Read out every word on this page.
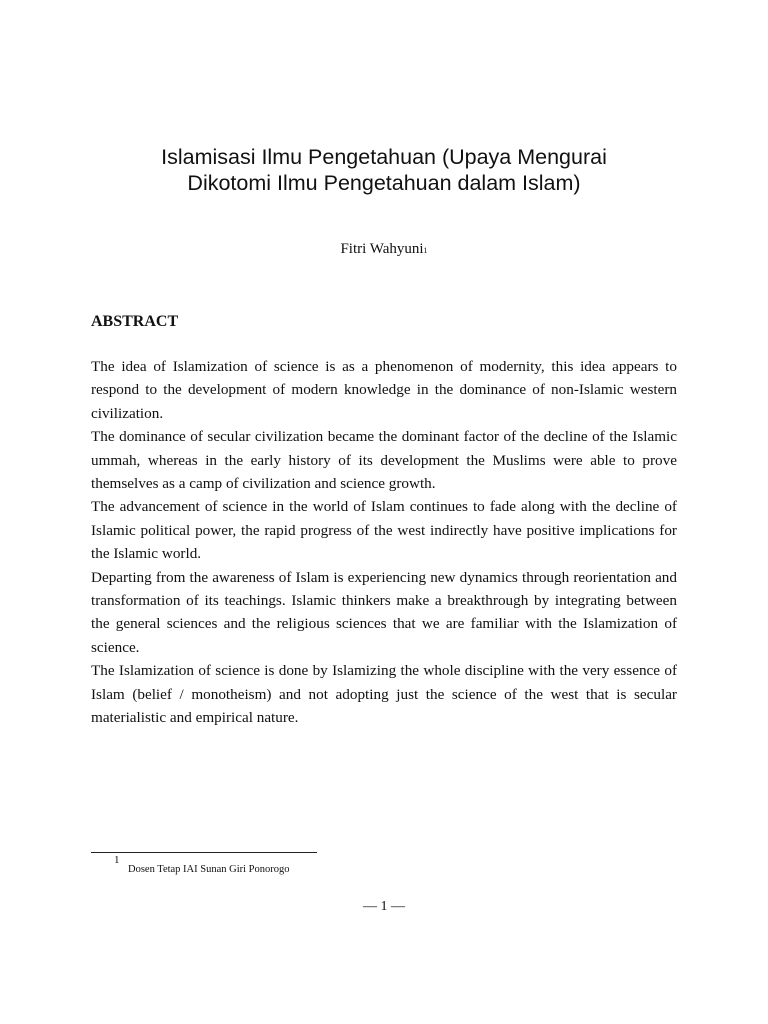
Islamisasi Ilmu Pengetahuan (Upaya Mengurai
Dikotomi Ilmu Pengetahuan dalam Islam)
Fitri Wahyuni1
ABSTRACT

The idea of Islamization of science is as a phenomenon of modernity, this idea appears to respond to the development of modern knowledge in the dominance of non-Islamic western civilization.

The dominance of secular civilization became the dominant factor of the decline of the Islamic ummah, whereas in the early history of its development the Muslims were able to prove themselves as a camp of civilization and science growth.

The advancement of science in the world of Islam continues to fade along with the decline of Islamic political power, the rapid progress of the west indirectly have positive implications for the Islamic world.

Departing from the awareness of Islam is experiencing new dynamics through reorientation and transformation of its teachings. Islamic thinkers make a breakthrough by integrating between the general sciences and the religious sciences that we are familiar with the Islamization of science.

The Islamization of science is done by Islamizing the whole discipline with the very essence of Islam (belief / monotheism) and not adopting just the science of the west that is secular materialistic and empirical nature.

1
Dosen Tetap IAI Sunan Giri Ponorogo
— 1 —
